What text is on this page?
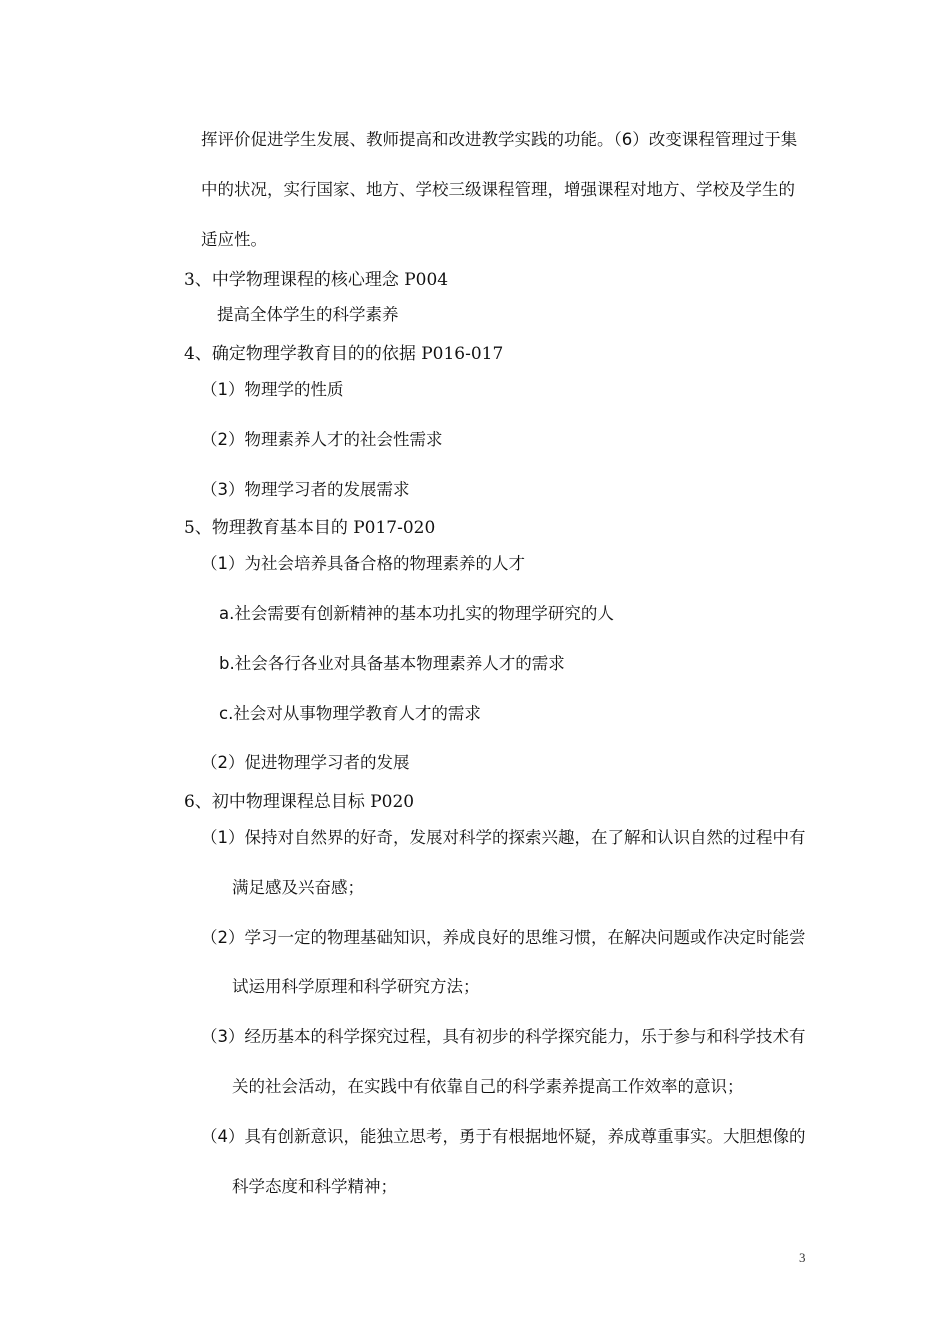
挥评价促进学生发展、教师提高和改进教学实践的功能。（6）改变课程管理过于集
中的状况，实行国家、地方、学校三级课程管理，增强课程对地方、学校及学生的
适应性。
3、中学物理课程的核心理念 P004
提高全体学生的科学素养
4、确定物理学教育目的的依据 P016-017
（1）物理学的性质
（2）物理素养人才的社会性需求
（3）物理学习者的发展需求
5、物理教育基本目的 P017-020
（1）为社会培养具备合格的物理素养的人才
a.社会需要有创新精神的基本功扎实的物理学研究的人
b.社会各行各业对具备基本物理素养人才的需求
c.社会对从事物理学教育人才的需求
（2）促进物理学习者的发展
6、初中物理课程总目标 P020
（1）保持对自然界的好奇，发展对科学的探索兴趣，在了解和认识自然的过程中有
满足感及兴奋感；
（2）学习一定的物理基础知识，养成良好的思维习惯，在解决问题或作决定时能尝
试运用科学原理和科学研究方法；
（3）经历基本的科学探究过程，具有初步的科学探究能力，乐于参与和科学技术有
关的社会活动，在实践中有依靠自己的科学素养提高工作效率的意识；
（4）具有创新意识，能独立思考，勇于有根据地怀疑，养成尊重事实。大胆想像的
科学态度和科学精神；
3
